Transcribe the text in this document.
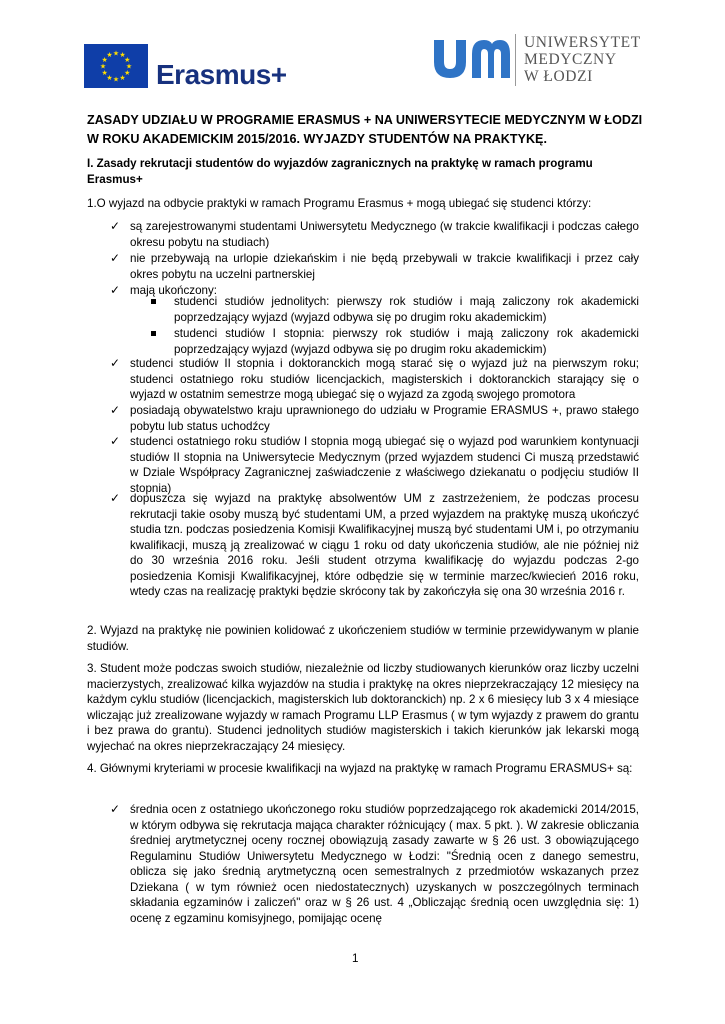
★
★
★
★
★
★
★
★
★ ★ ★
★ Erasmus+
UNIWERSYTET
MEDYCZNY
W ŁODZI
ZASADY UDZIAŁU W PROGRAMIE ERASMUS + NA UNIWERSYTECIE MEDYCZNYM W ŁODZI W ROKU AKADEMICKIM 2015/2016. WYJAZDY STUDENTÓW NA PRAKTYKĘ.
I. Zasady rekrutacji studentów do wyjazdów zagranicznych na praktykę w ramach programu Erasmus+
1.O wyjazd na odbycie praktyki w ramach Programu Erasmus + mogą ubiegać się studenci którzy:
✓ są zarejestrowanymi studentami Uniwersytetu Medycznego (w trakcie kwalifikacji i podczas całego okresu pobytu na studiach)
✓ nie przebywają na urlopie dziekańskim i nie będą przebywali w trakcie kwalifikacji i przez cały okres pobytu na uczelni partnerskiej
✓ mają ukończony:
studenci studiów jednolitych: pierwszy rok studiów i mają zaliczony rok akademicki poprzedzający wyjazd (wyjazd odbywa się po drugim roku akademickim)
studenci studiów I stopnia: pierwszy rok studiów i mają zaliczony rok akademicki poprzedzający wyjazd (wyjazd odbywa się po drugim roku akademickim)
✓ studenci studiów II stopnia i doktoranckich mogą starać się o wyjazd już na pierwszym roku; studenci ostatniego roku studiów licencjackich, magisterskich i doktoranckich starający się o wyjazd w ostatnim semestrze mogą ubiegać się o wyjazd za zgodą swojego promotora
✓ posiadają obywatelstwo kraju uprawnionego do udziału w Programie ERASMUS +, prawo stałego pobytu lub status uchodźcy
✓ studenci ostatniego roku studiów I stopnia mogą ubiegać się o wyjazd pod warunkiem kontynuacji studiów II stopnia na Uniwersytecie Medycznym (przed wyjazdem studenci Ci muszą przedstawić w Dziale Współpracy Zagranicznej zaświadczenie z właściwego dziekanatu o podjęciu studiów II stopnia)
✓ dopuszcza się wyjazd na praktykę absolwentów UM z zastrzeżeniem, że podczas procesu rekrutacji takie osoby muszą być studentami UM, a przed wyjazdem na praktykę muszą ukończyć studia tzn. podczas posiedzenia Komisji Kwalifikacyjnej muszą być studentami UM i, po otrzymaniu kwalifikacji, muszą ją zrealizować w ciągu 1 roku od daty ukończenia studiów, ale nie później niż do 30 września 2016 roku. Jeśli student otrzyma kwalifikację do wyjazdu podczas 2-go posiedzenia Komisji Kwalifikacyjnej, które odbędzie się w terminie marzec/kwiecień 2016 roku, wtedy czas na realizację praktyki będzie skrócony tak by zakończyła się ona 30 września 2016 r.
2. Wyjazd na praktykę nie powinien kolidować z ukończeniem studiów w terminie przewidywanym w planie studiów.
3. Student może podczas swoich studiów, niezależnie od liczby studiowanych kierunków oraz liczby uczelni macierzystych, zrealizować kilka wyjazdów na studia i praktykę na okres nieprzekraczający 12 miesięcy na każdym cyklu studiów (licencjackich, magisterskich lub doktoranckich) np. 2 x 6 miesięcy lub 3 x 4 miesiące wliczając już zrealizowane wyjazdy w ramach Programu LLP Erasmus ( w tym wyjazdy z prawem do grantu i bez prawa do grantu). Studenci jednolitych studiów magisterskich i takich kierunków jak lekarski mogą wyjechać na okres nieprzekraczający 24 miesięcy.
4. Głównymi kryteriami w procesie kwalifikacji na wyjazd na praktykę w ramach Programu ERASMUS+ są:
✓ średnia ocen z ostatniego ukończonego roku studiów poprzedzającego rok akademicki 2014/2015, w którym odbywa się rekrutacja mająca charakter różnicujący ( max. 5 pkt. ). W zakresie obliczania średniej arytmetycznej oceny rocznej obowiązują zasady zawarte w § 26 ust. 3 obowiązującego Regulaminu Studiów Uniwersytetu Medycznego w Łodzi: "Średnią ocen z danego semestru, oblicza się jako średnią arytmetyczną ocen semestralnych z przedmiotów wskazanych przez Dziekana ( w tym również ocen niedostatecznych) uzyskanych w poszczególnych terminach składania egzaminów i zaliczeń" oraz w § 26 ust. 4 „Obliczając średnią ocen uwzględnia się: 1) ocenę z egzaminu komisyjnego, pomijając ocenę
1
